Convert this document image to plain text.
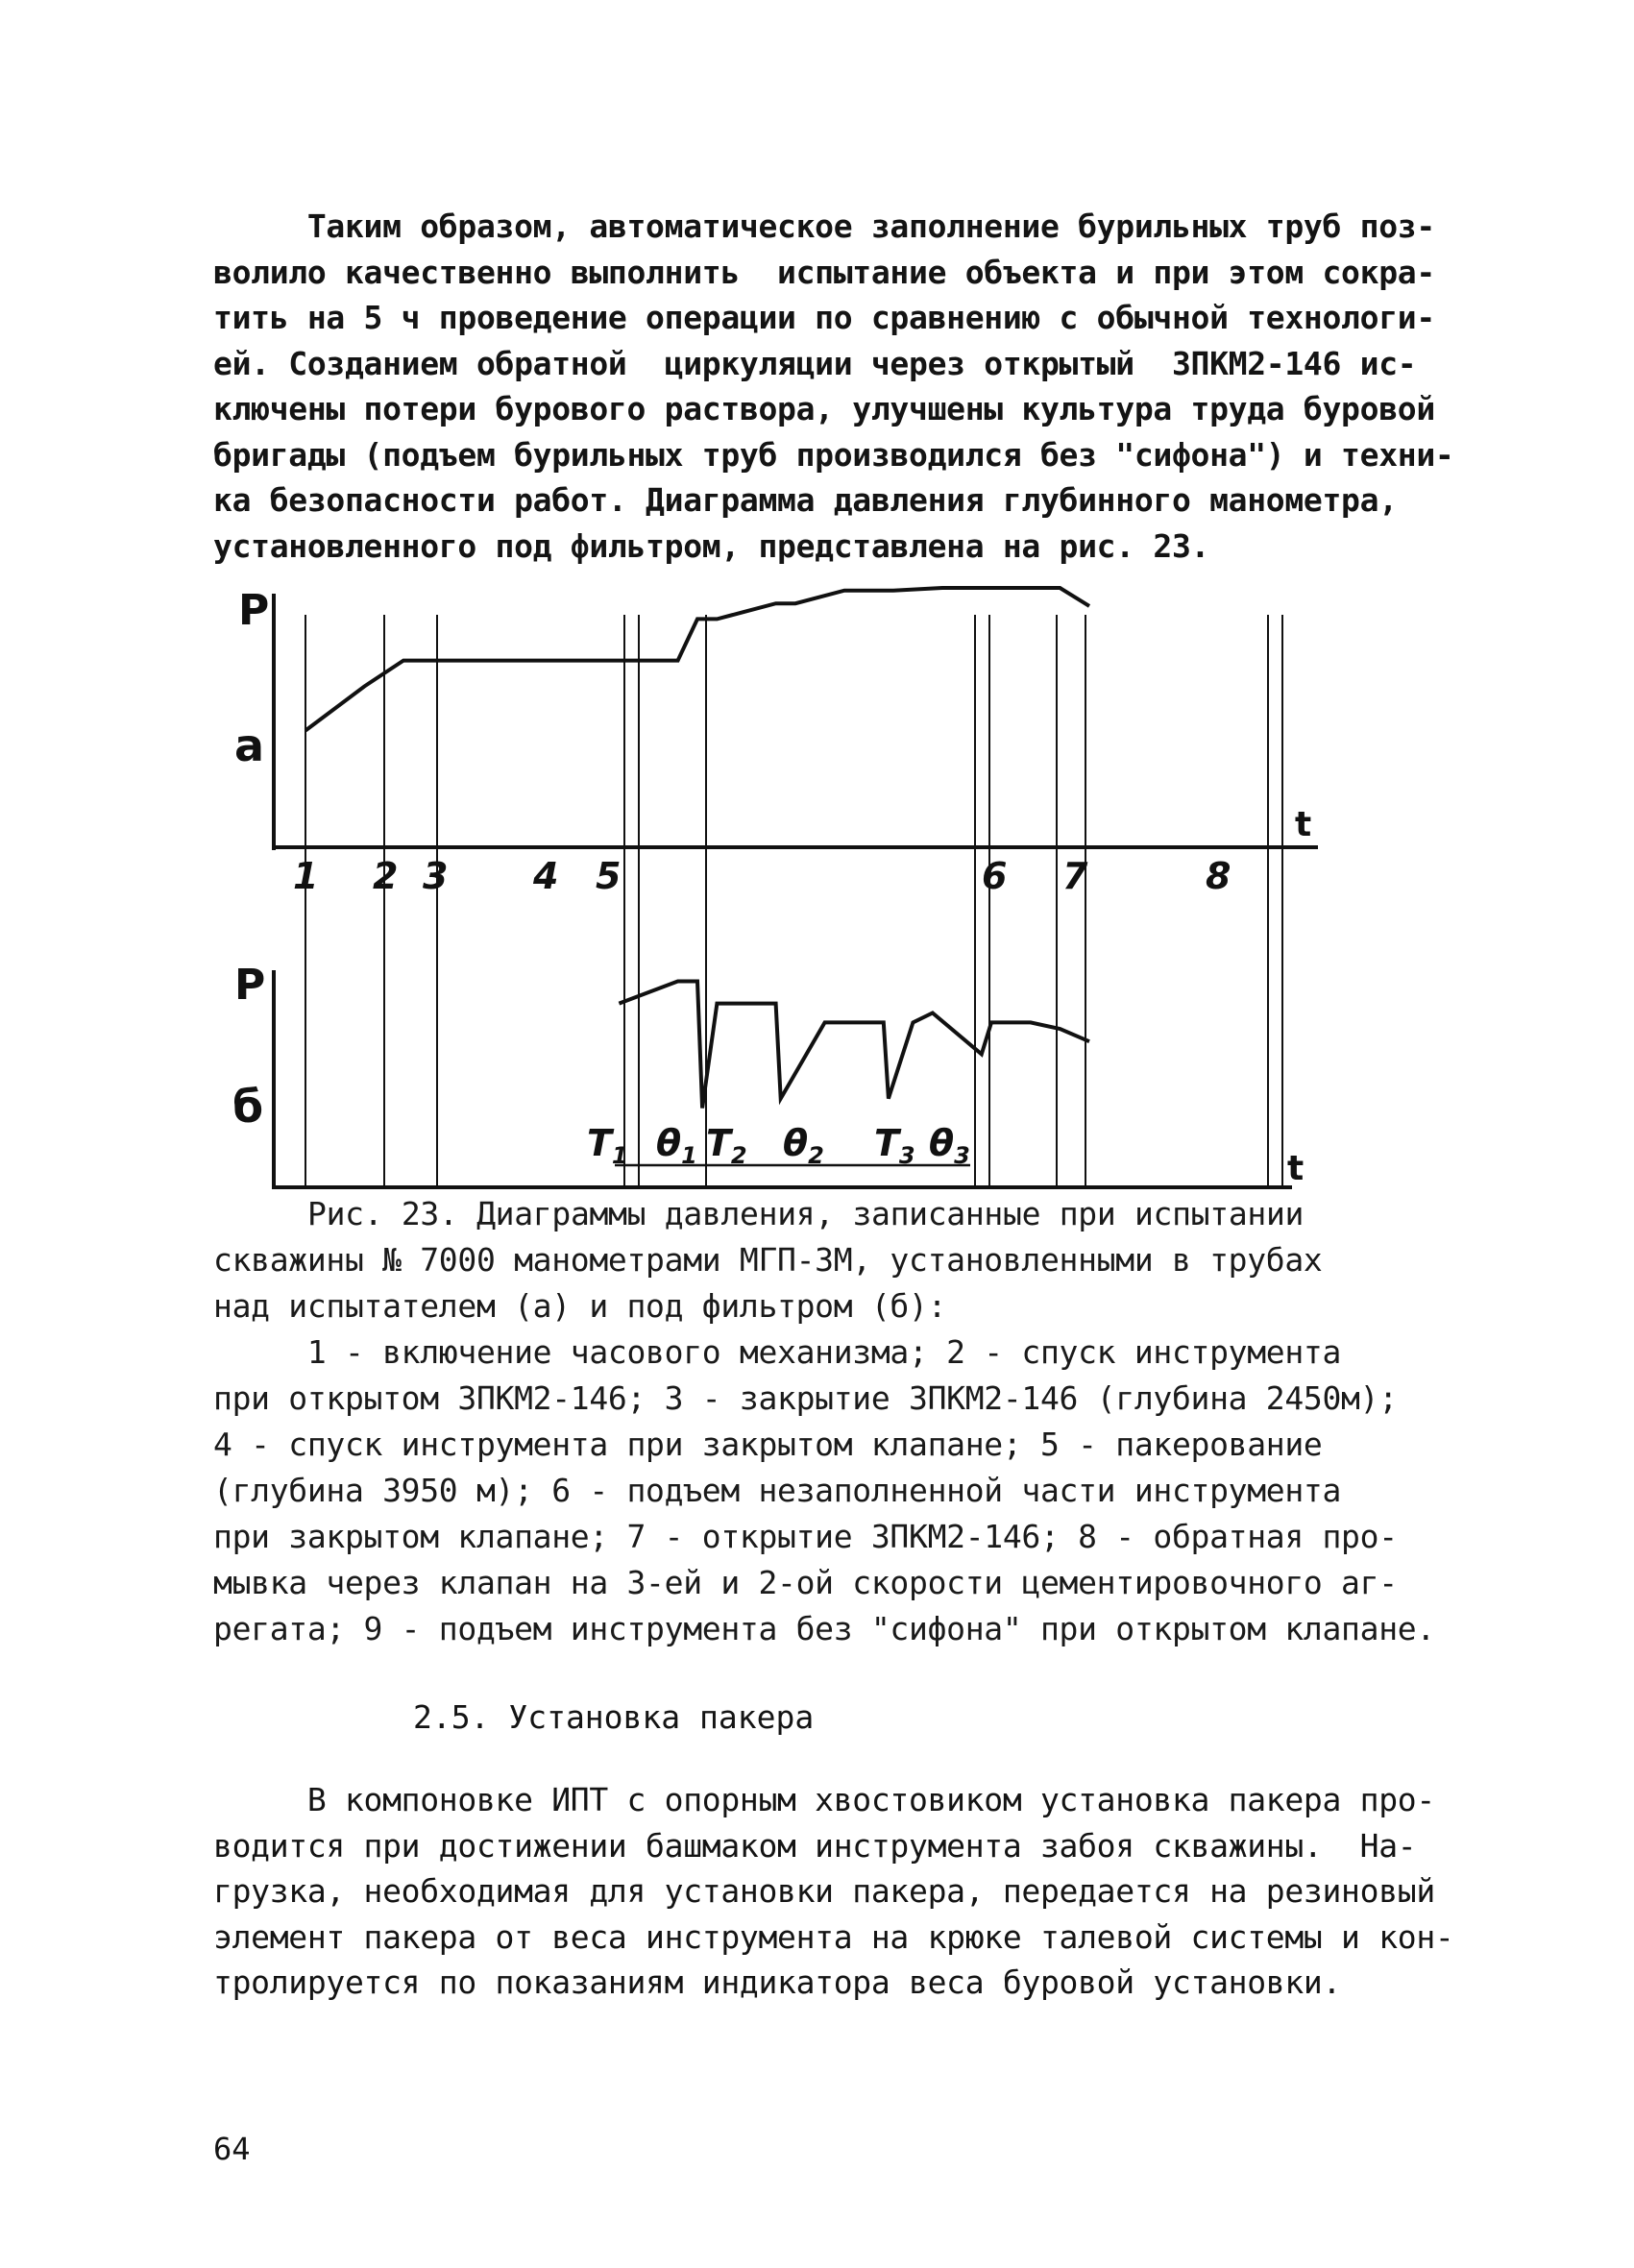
Таким образом, автоматическое заполнение бурильных труб поз-
волило качественно выполнить  испытание объекта и при этом сокра-
тить на 5 ч проведение операции по сравнению с обычной технологи-
ей. Созданием обратной  циркуляции через открытый  ЗПКМ2-146 ис-
ключены потери бурового раствора, улучшены культура труда буровой
бригады (подъем бурильных труб производился без "сифона") и техни-
ка безопасности работ. Диаграмма давления глубинного манометра,
установленного под фильтром, представлена на рис. 23.
P
a
t
P
б
t
1 2 3 4 5	6 7	8
$T_1$ $\theta_1$ $T_2$ $\theta_2$ $T_3$ $\theta_3$
Рис. 23. Диаграммы давления, записанные при испытании
скважины № 7000 манометрами МГП-3М, установленными в трубах
над испытателем (а) и под фильтром (б):
1 - включение часового механизма; 2 - спуск инструмента
при открытом ЗПКМ2-146; 3 - закрытие ЗПКМ2-146 (глубина 2450м);
4 - спуск инструмента при закрытом клапане; 5 - пакерование
(глубина 3950 м); 6 - подъем незаполненной части инструмента
при закрытом клапане; 7 - открытие ЗПКМ2-146; 8 - обратная про-
мывка через клапан на 3-ей и 2-ой скорости цементировочного аг-
регата; 9 - подъем инструмента без "сифона" при открытом клапане.
2.5. Установка пакера
В компоновке ИПТ с опорным хвостовиком установка пакера про-
водится при достижении башмаком инструмента забоя скважины.  На-
грузка, необходимая для установки пакера, передается на резиновый
элемент пакера от веса инструмента на крюке талевой системы и кон-
тролируется по показаниям индикатора веса буровой установки.
64
